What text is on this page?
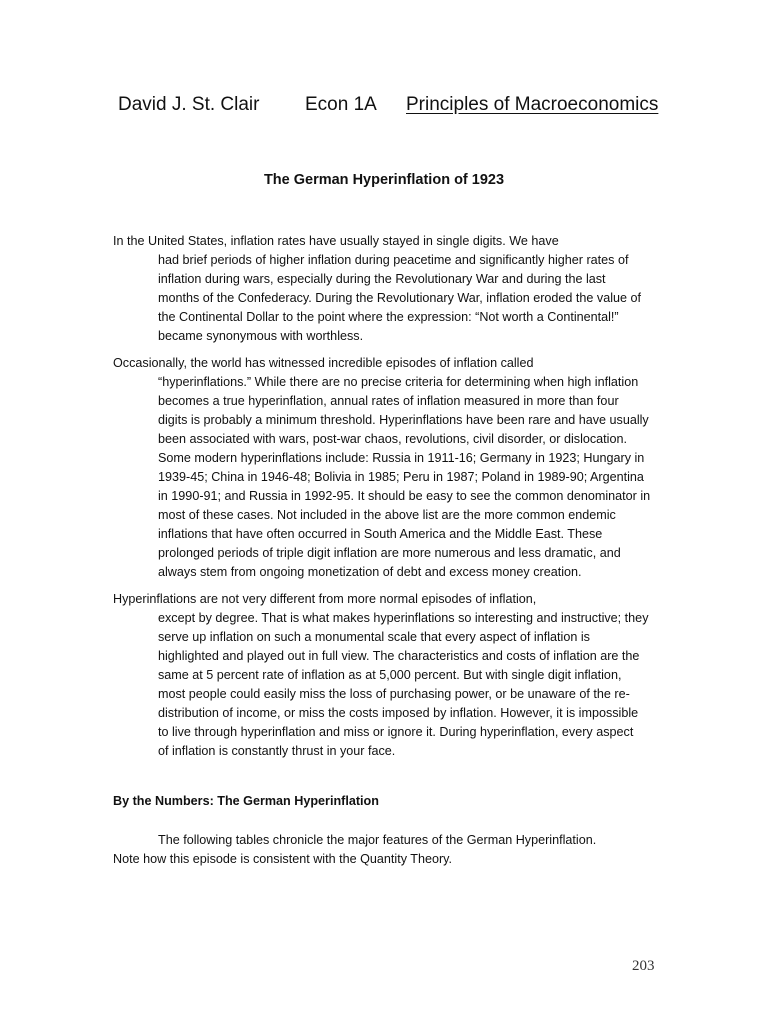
David J. St. Clair Econ 1A Principles of Macroeconomics
The German Hyperinflation of 1923

In the United States, inflation rates have usually stayed in single digits. We have
had brief periods of higher inflation during peacetime and significantly higher rates of
inflation during wars, especially during the Revolutionary War and during the last
months of the Confederacy. During the Revolutionary War, inflation eroded the value of
the Continental Dollar to the point where the expression: “Not worth a Continental!”
became synonymous with worthless.

Occasionally, the world has witnessed incredible episodes of inflation called
“hyperinflations.” While there are no precise criteria for determining when high inflation
becomes a true hyperinflation, annual rates of inflation measured in more than four
digits is probably a minimum threshold. Hyperinflations have been rare and have usually
been associated with wars, post-war chaos, revolutions, civil disorder, or dislocation.
Some modern hyperinflations include: Russia in 1911-16; Germany in 1923; Hungary in
1939-45; China in 1946-48; Bolivia in 1985; Peru in 1987; Poland in 1989-90; Argentina
in 1990-91; and Russia in 1992-95. It should be easy to see the common denominator in
most of these cases. Not included in the above list are the more common endemic
inflations that have often occurred in South America and the Middle East. These
prolonged periods of triple digit inflation are more numerous and less dramatic, and
always stem from ongoing monetization of debt and excess money creation.

Hyperinflations are not very different from more normal episodes of inflation,
except by degree. That is what makes hyperinflations so interesting and instructive; they
serve up inflation on such a monumental scale that every aspect of inflation is
highlighted and played out in full view. The characteristics and costs of inflation are the
same at 5 percent rate of inflation as at 5,000 percent. But with single digit inflation,
most people could easily miss the loss of purchasing power, or be unaware of the re-
distribution of income, or miss the costs imposed by inflation. However, it is impossible
to live through hyperinflation and miss or ignore it. During hyperinflation, every aspect
of inflation is constantly thrust in your face.

By the Numbers: The German Hyperinflation
The following tables chronicle the major features of the German Hyperinflation.
Note how this episode is consistent with the Quantity Theory.
203
